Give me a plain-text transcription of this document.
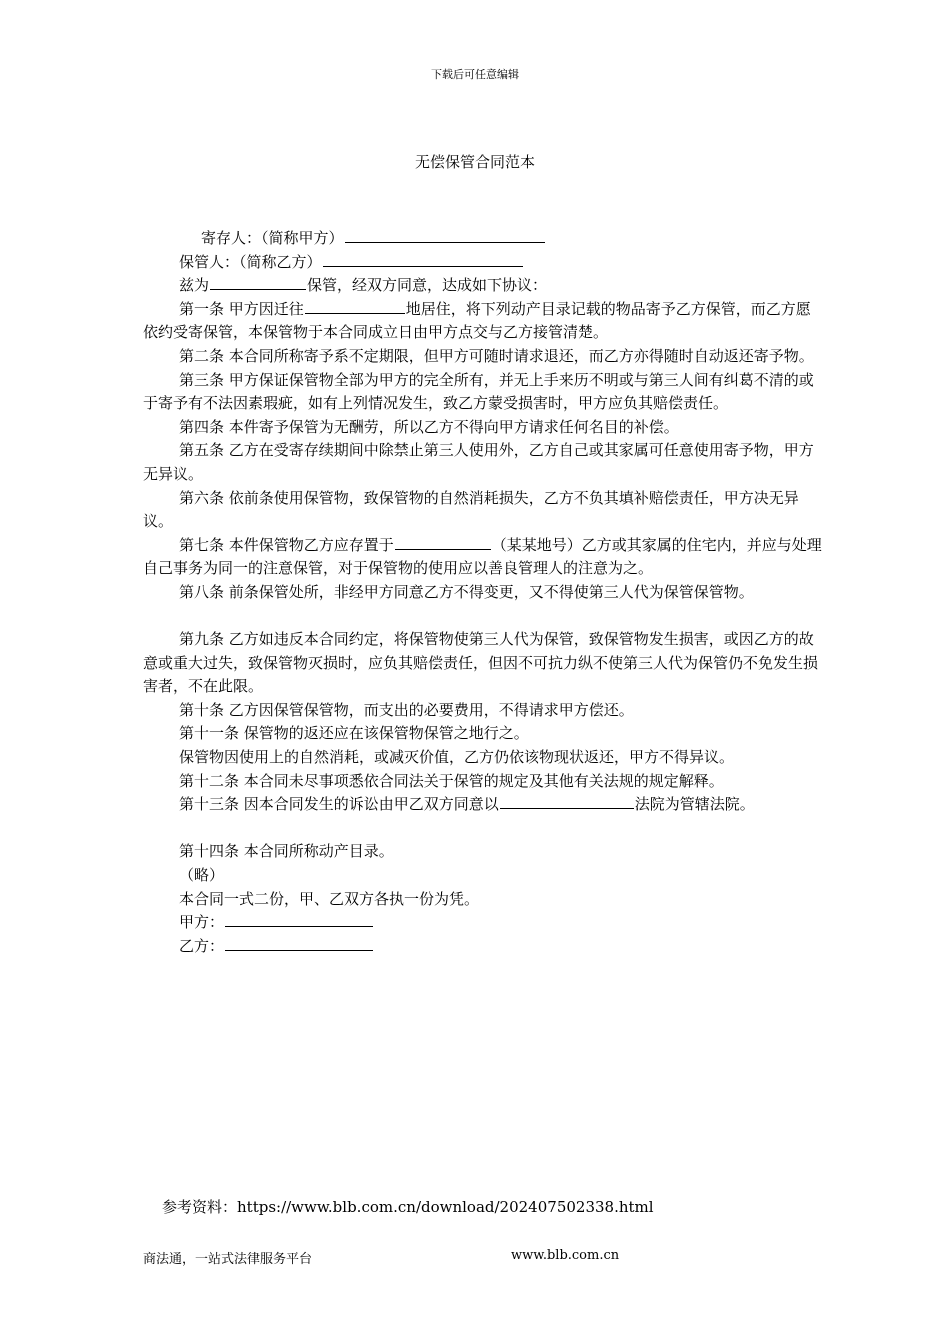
下载后可任意编辑
无偿保管合同范本

寄存人：（简称甲方）

保管人：（简称乙方）

兹为	保管，经双方同意，达成如下协议：

第一条 甲方因迁往	地居住，将下列动产目录记载的物品寄予乙方保管，而乙方愿依约受寄保管，本保管物于本合同成立日由甲方点交与乙方接管清楚。

第二条 本合同所称寄予系不定期限，但甲方可随时请求退还，而乙方亦得随时自动返还寄予物。

第三条 甲方保证保管物全部为甲方的完全所有，并无上手来历不明或与第三人间有纠葛不清的或于寄予有不法因素瑕疵，如有上列情况发生，致乙方蒙受损害时，甲方应负其赔偿责任。

第四条 本件寄予保管为无酬劳，所以乙方不得向甲方请求任何名目的补偿。

第五条 乙方在受寄存续期间中除禁止第三人使用外，乙方自己或其家属可任意使用寄予物，甲方无异议。

第六条 依前条使用保管物，致保管物的自然消耗损失，乙方不负其填补赔偿责任，甲方决无异议。

第七条 本件保管物乙方应存置于	（某某地号）乙方或其家属的住宅内，并应与处理自己事务为同一的注意保管，对于保管物的使用应以善良管理人的注意为之。

第八条 前条保管处所，非经甲方同意乙方不得变更，又不得使第三人代为保管保管物。

第九条 乙方如违反本合同约定，将保管物使第三人代为保管，致保管物发生损害，或因乙方的故意或重大过失，致保管物灭损时，应负其赔偿责任，但因不可抗力纵不使第三人代为保管仍不免发生损害者，不在此限。

第十条 乙方因保管保管物，而支出的必要费用，不得请求甲方偿还。

第十一条 保管物的返还应在该保管物保管之地行之。

保管物因使用上的自然消耗，或减灭价值，乙方仍依该物现状返还，甲方不得异议。

第十二条 本合同未尽事项悉依合同法关于保管的规定及其他有关法规的规定解释。

第十三条 因本合同发生的诉讼由甲乙双方同意以	法院为管辖法院。

第十四条 本合同所称动产目录。

（略）

本合同一式二份，甲、乙双方各执一份为凭。

甲方：

乙方：

参考资料：https://www.blb.com.cn/download/202407502338.html
商法通，一站式法律服务平台	www.blb.com.cn
